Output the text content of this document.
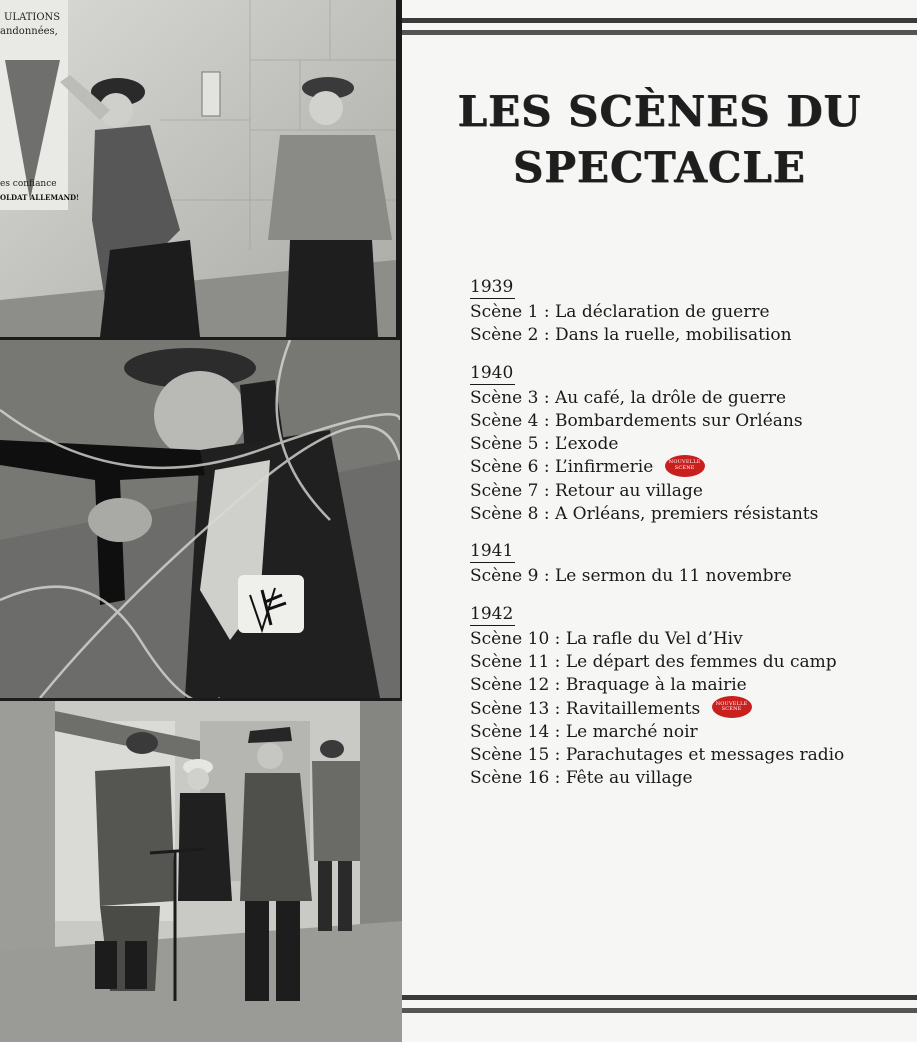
ULATIONS
andonnées,
es confiance
OLDAT ALLEMAND!
LES SCÈNES DU
SPECTACLE
1939
Scène 1 : La déclaration de guerre
Scène 2 : Dans la ruelle, mobilisation
1940
Scène 3 : Au café, la drôle de guerre
Scène 4 : Bombardements sur Orléans
Scène 5 : L’exode
Scène 6 : L’infirmerie	NOUVELLE
SCÈNE
Scène 7 : Retour au village
Scène 8 : A Orléans, premiers résistants
1941
Scène 9 : Le sermon du 11 novembre
1942
Scène 10 : La rafle du Vel d’Hiv
Scène 11 : Le départ des femmes du camp
Scène 12 : Braquage à la mairie
Scène 13 : Ravitaillements	NOUVELLE
SCÈNE
Scène 14 : Le marché noir
Scène 15 : Parachutages et messages radio
Scène 16 : Fête au village
